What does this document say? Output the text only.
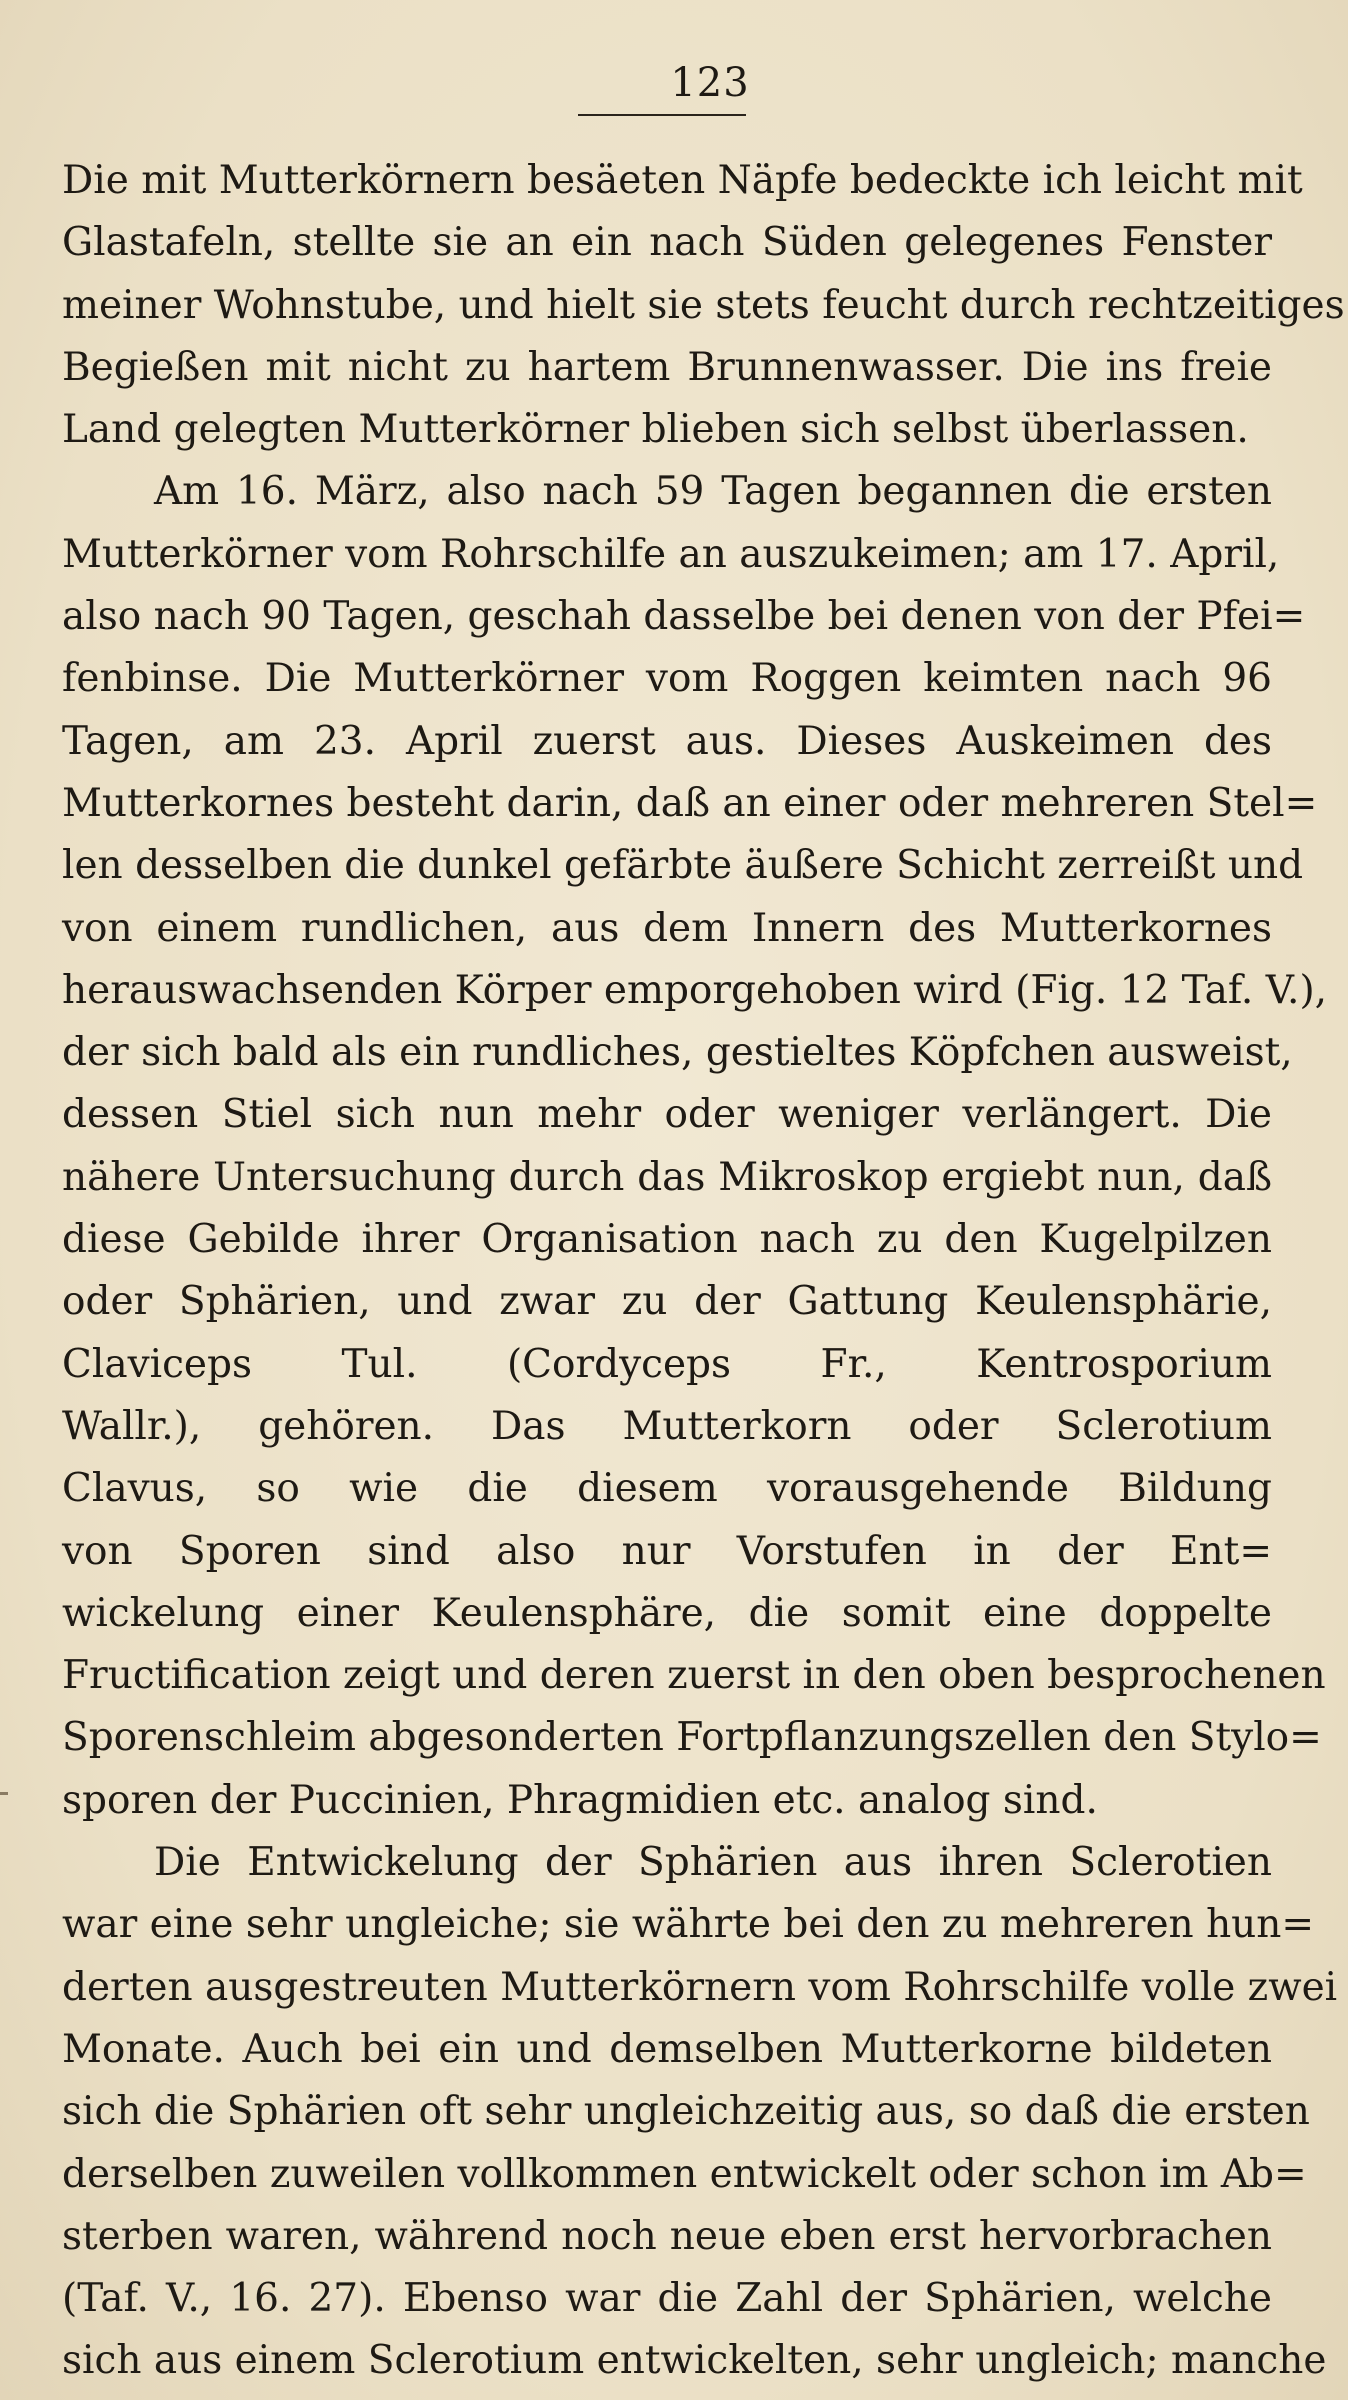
123
Die mit Mutterkörnern besäeten Näpfe bedeckte ich leicht mit
Glastafeln, stellte sie an ein nach Süden gelegenes Fenster
meiner Wohnstube, und hielt sie stets feucht durch rechtzeitiges
Begießen mit nicht zu hartem Brunnenwasser. Die ins freie
Land gelegten Mutterkörner blieben sich selbst überlassen.
Am 16. März, also nach 59 Tagen begannen die ersten
Mutterkörner vom Rohrschilfe an auszukeimen; am 17. April,
also nach 90 Tagen, geschah dasselbe bei denen von der Pfei=
fenbinse. Die Mutterkörner vom Roggen keimten nach 96
Tagen, am 23. April zuerst aus. Dieses Auskeimen des
Mutterkornes besteht darin, daß an einer oder mehreren Stel=
len desselben die dunkel gefärbte äußere Schicht zerreißt und
von einem rundlichen, aus dem Innern des Mutterkornes
herauswachsenden Körper emporgehoben wird (Fig. 12 Taf. V.),
der sich bald als ein rundliches, gestieltes Köpfchen ausweist,
dessen Stiel sich nun mehr oder weniger verlängert. Die
nähere Untersuchung durch das Mikroskop ergiebt nun, daß
diese Gebilde ihrer Organisation nach zu den Kugelpilzen
oder Sphärien, und zwar zu der Gattung Keulensphärie,
Claviceps Tul. (Cordyceps Fr., Kentrosporium
Wallr.), gehören. Das Mutterkorn oder Sclerotium
Clavus, so wie die diesem vorausgehende Bildung
von Sporen sind also nur Vorstufen in der Ent=
wickelung einer Keulensphäre, die somit eine doppelte
Fructification zeigt und deren zuerst in den oben besprochenen
Sporenschleim abgesonderten Fortpflanzungszellen den Stylo=
sporen der Puccinien, Phragmidien etc. analog sind.
Die Entwickelung der Sphärien aus ihren Sclerotien
war eine sehr ungleiche; sie währte bei den zu mehreren hun=
derten ausgestreuten Mutterkörnern vom Rohrschilfe volle zwei
Monate. Auch bei ein und demselben Mutterkorne bildeten
sich die Sphärien oft sehr ungleichzeitig aus, so daß die ersten
derselben zuweilen vollkommen entwickelt oder schon im Ab=
sterben waren, während noch neue eben erst hervorbrachen
(Taf. V., 16. 27). Ebenso war die Zahl der Sphärien, welche
sich aus einem Sclerotium entwickelten, sehr ungleich; manche
